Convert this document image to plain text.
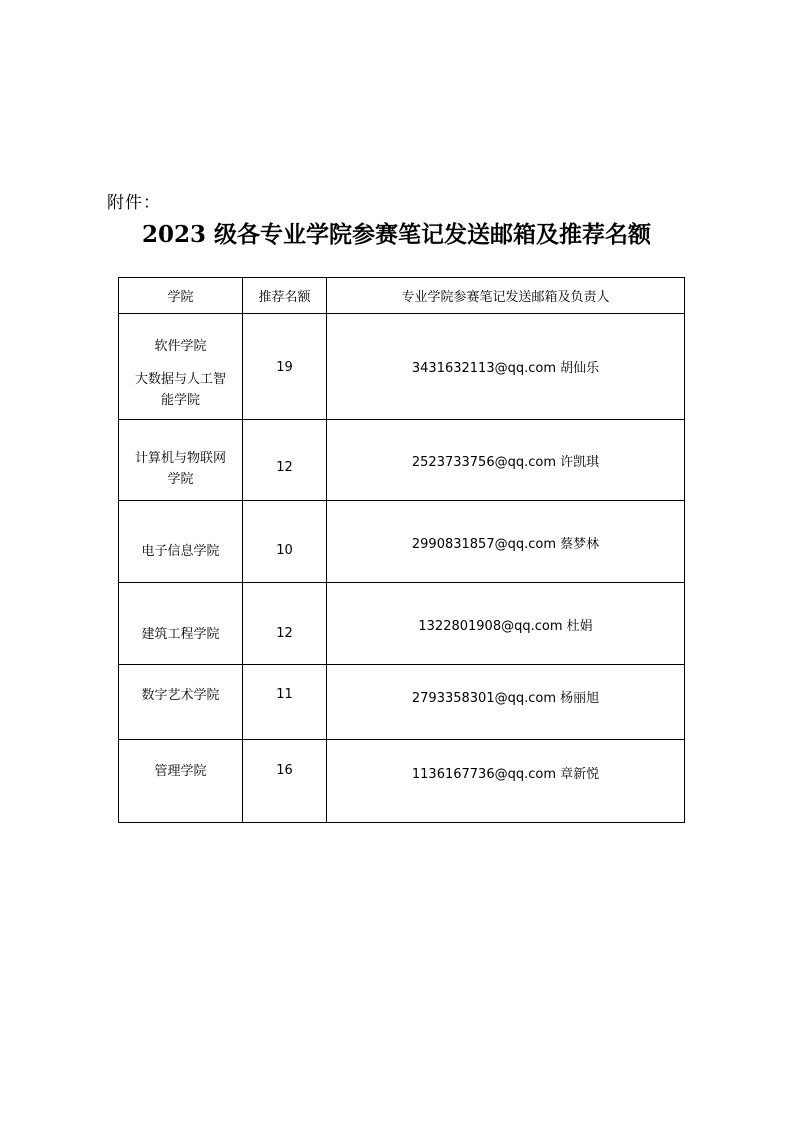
附件：
2023 级各专业学院参赛笔记发送邮箱及推荐名额
学院	推荐名额	专业学院参赛笔记发送邮箱及负责人

软件学院
大数据与人工智
能学院	19	3431632113@qq.com 胡仙乐

计算机与物联网
学院	12	2523733756@qq.com 许凯琪

电子信息学院	10	2990831857@qq.com 蔡梦林

建筑工程学院	12	1322801908@qq.com 杜娟

数字艺术学院	11	2793358301@qq.com 杨丽旭

管理学院	16	1136167736@qq.com 章新悦
